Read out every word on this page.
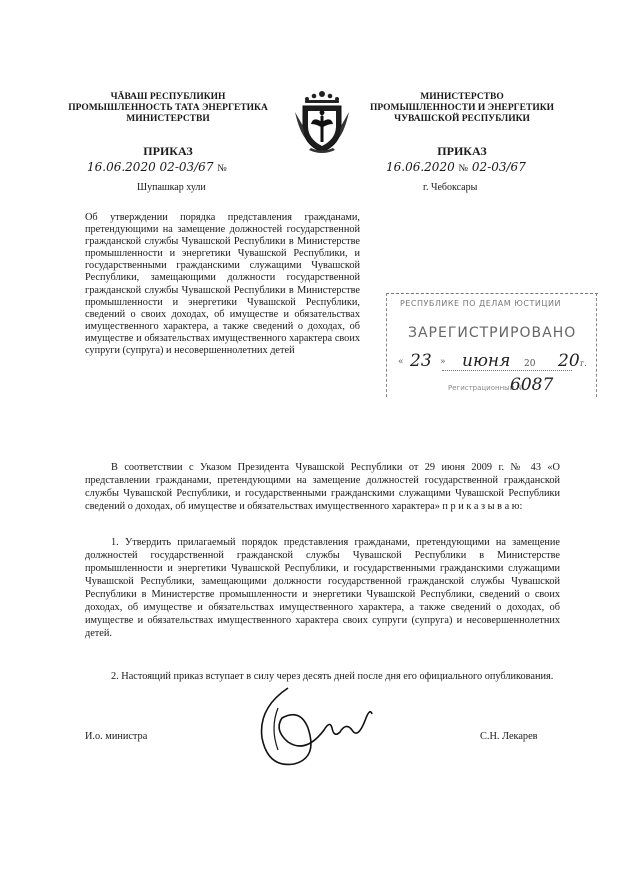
ЧĂВАШ РЕСПУБЛИКИН
ПРОМЫШЛЕННОСТЬ ТАТА ЭНЕРГЕТИКА
МИНИСТЕРСТВИ
МИНИСТЕРСТВО
ПРОМЫШЛЕННОСТИ И ЭНЕРГЕТИКИ
ЧУВАШСКОЙ РЕСПУБЛИКИ
ПРИКАЗ	ПРИКАЗ
16.06.2020 02-03/67 №	16.06.2020 № 02-03/67
Шупашкар хули	г. Чебоксары
Об утверждении порядка представления гражданами, претендующими на замещение должностей государственной гражданской службы Чувашской Республики в Министерстве промышленности и энергетики Чувашской Республики, и государственными гражданскими служащими Чувашской Республики, замещающими должности государственной гражданской службы Чувашской Республики в Министерстве промышленности и энергетики Чувашской Республики, сведений о своих доходах, об имуществе и обязательствах имущественного характера, а также сведений о доходах, об имуществе и обязательствах имущественного характера своих супруги (супруга) и несовершеннолетних детей
РЕСПУБЛИКЕ ПО ДЕЛАМ ЮСТИЦИИ
ЗАРЕГИСТРИРОВАНО
« 23 » июня 20 20 г.
Регистрационный №
6087
В соответствии с Указом Президента Чувашской Республики от 29 июня 2009 г. № 43 «О представлении гражданами, претендующими на замещение должностей государственной гражданской службы Чувашской Республики, и государственными гражданскими служащими Чувашской Республики сведений о доходах, об имуществе и обязательствах имущественного характера» п р и к а з ы в а ю:
1. Утвердить прилагаемый порядок представления гражданами, претендующими на замещение должностей государственной гражданской службы Чувашской Республики в Министерстве промышленности и энергетики Чувашской Республики, и государственными гражданскими служащими Чувашской Республики, замещающими должности государственной гражданской службы Чувашской Республики в Министерстве промышленности и энергетики Чувашской Республики, сведений о своих доходах, об имуществе и обязательствах имущественного характера, а также сведений о доходах, об имуществе и обязательствах имущественного характера своих супруги (супруга) и несовершеннолетних детей.
2. Настоящий приказ вступает в силу через десять дней после дня его официального опубликования.
И.о. министра	С.Н. Лекарев
